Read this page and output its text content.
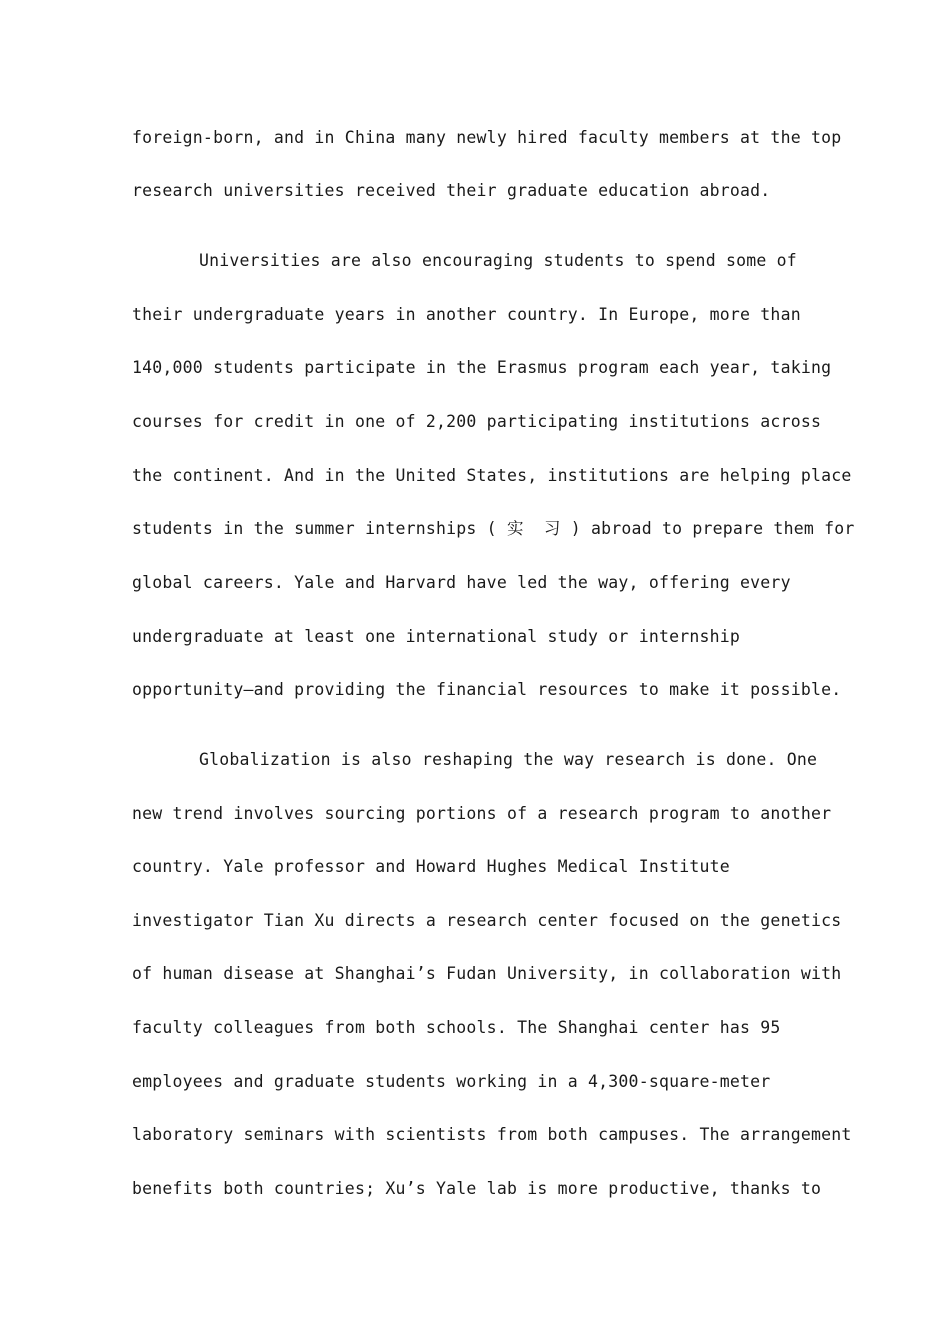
foreign-born, and in China many newly hired faculty members at the top
research universities received their graduate education abroad.
Universities are also encouraging students to spend some of
their undergraduate years in another country. In Europe, more than
140,000 students participate in the Erasmus program each year, taking
courses for credit in one of 2,200 participating institutions across
the continent. And in the United States, institutions are helping place
students in the summer internships ( 实  习 ) abroad to prepare them for
global careers. Yale and Harvard have led the way, offering every
undergraduate at least one international study or internship
opportunity—and providing the financial resources to make it possible.
Globalization is also reshaping the way research is done. One
new trend involves sourcing portions of a research program to another
country. Yale professor and Howard Hughes Medical Institute
investigator Tian Xu directs a research center focused on the genetics
of human disease at Shanghai’s Fudan University, in collaboration with
faculty colleagues from both schools. The Shanghai center has 95
employees and graduate students working in a 4,300-square-meter
laboratory seminars with scientists from both campuses. The arrangement
benefits both countries; Xu’s Yale lab is more productive, thanks to
